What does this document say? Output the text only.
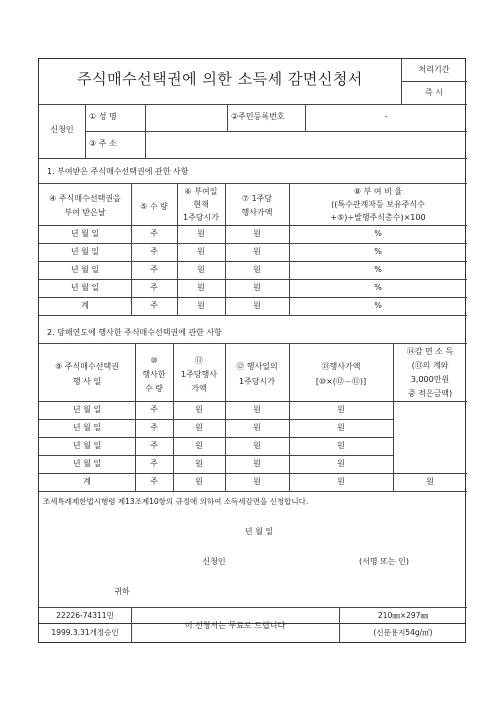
주식매수선택권에 의한 소득세 감면신청서
처리기간
즉 시
신청인
① 성 명	②주민등록번호	-
③ 주 소
1. 부여받은 주식매수선택권에 관한 사항
④ 주식매수선택권을
부여 받은날
⑤ 수 량
⑥ 부여일
현재
1주당시가
⑦ 1주당
행사가액
⑧ 부 여 비 율
((특수관계자등 보유주식수
+⑤)÷발행주식총수)×100
년 월 일	주	원	원	%
년 월 일	주	원	원	%
년 월 일	주	원	원	%
년 월 일	주	원	원	%
계	주	원	원	%
2. 당해연도에 행사한 주식매수선택권에 관한 사항
⑨ 주식매수선택권
행 사 일
⑩
행사한
수 량
⑪
1주당행사
가액
⑫ 행사일의
1주당시가
⑬행사가액
[⑩×(⑫－⑪)]
⑭감 면 소 득
(⑬의 계와
3,000만원
중 적은금액)
년 월 일	주	원	원	원
년 월 일	주	원	원	원
년 월 일	주	원	원	원
년 월 일	주	원	원	원
계	주	원	원	원	원
조세특례제한법시행령 제13조제10항의 규정에 의하여 소득세감면을 신청합니다.
년 월 일
신청인	(서명 또는 인)
귀하
22226-74311민
이 신청서는 무료로 드립니다
210㎜×297㎜
1999.3.31개정승인	(신문용지54g/㎡)
